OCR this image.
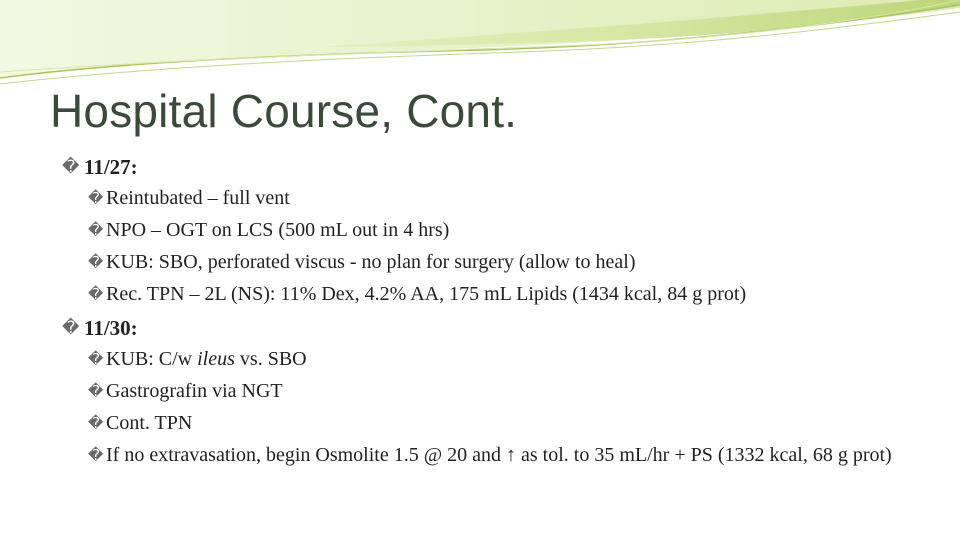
Hospital Course, Cont.
� 11/27:
� Reintubated – full vent
� NPO – OGT on LCS (500 mL out in 4 hrs)
� KUB: SBO, perforated viscus - no plan for surgery (allow to heal)
� Rec. TPN – 2L (NS): 11% Dex, 4.2% AA, 175 mL Lipids (1434 kcal, 84 g prot)
� 11/30:
� KUB: C/w ileus vs. SBO
� Gastrografin via NGT
� Cont. TPN
� If no extravasation, begin Osmolite 1.5 @ 20 and ↑ as tol. to 35 mL/hr + PS (1332 kcal, 68 g prot)
